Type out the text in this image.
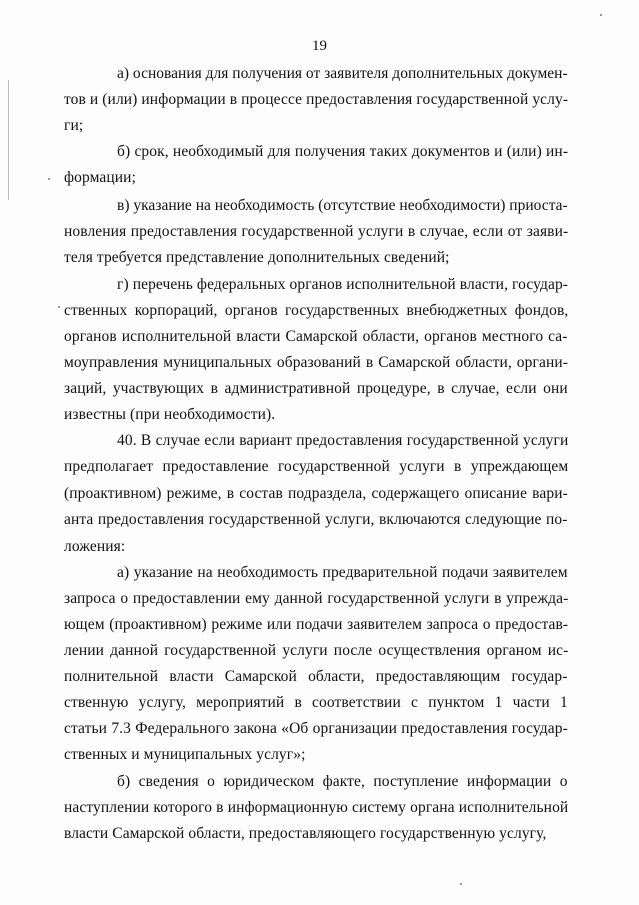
19
а) основания для получения от заявителя дополнительных докумен-
тов и (или) информации в процессе предоставления государственной услу-
ги;
б) срок, необходимый для получения таких документов и (или) ин-
формации;
в) указание на необходимость (отсутствие необходимости) приоста-
новления предоставления государственной услуги в случае, если от заяви-
теля требуется представление дополнительных сведений;
г) перечень федеральных органов исполнительной власти, государ-
ственных корпораций, органов государственных внебюджетных фондов,
органов исполнительной власти Самарской области, органов местного са-
моуправления муниципальных образований в Самарской области, органи-
заций, участвующих в административной процедуре, в случае, если они
известны (при необходимости).
40. В случае если вариант предоставления государственной услуги
предполагает предоставление государственной услуги в упреждающем
(проактивном) режиме, в состав подраздела, содержащего описание вари-
анта предоставления государственной услуги, включаются следующие по-
ложения:
а) указание на необходимость предварительной подачи заявителем
запроса о предоставлении ему данной государственной услуги в упрежда-
ющем (проактивном) режиме или подачи заявителем запроса о предостав-
лении данной государственной услуги после осуществления органом ис-
полнительной власти Самарской области, предоставляющим государ-
ственную услугу, мероприятий в соответствии с пунктом 1 части 1
статьи 7.3 Федерального закона «Об организации предоставления государ-
ственных и муниципальных услуг»;
б) сведения о юридическом факте, поступление информации о
наступлении которого в информационную систему органа исполнительной
власти Самарской области, предоставляющего государственную услугу,
